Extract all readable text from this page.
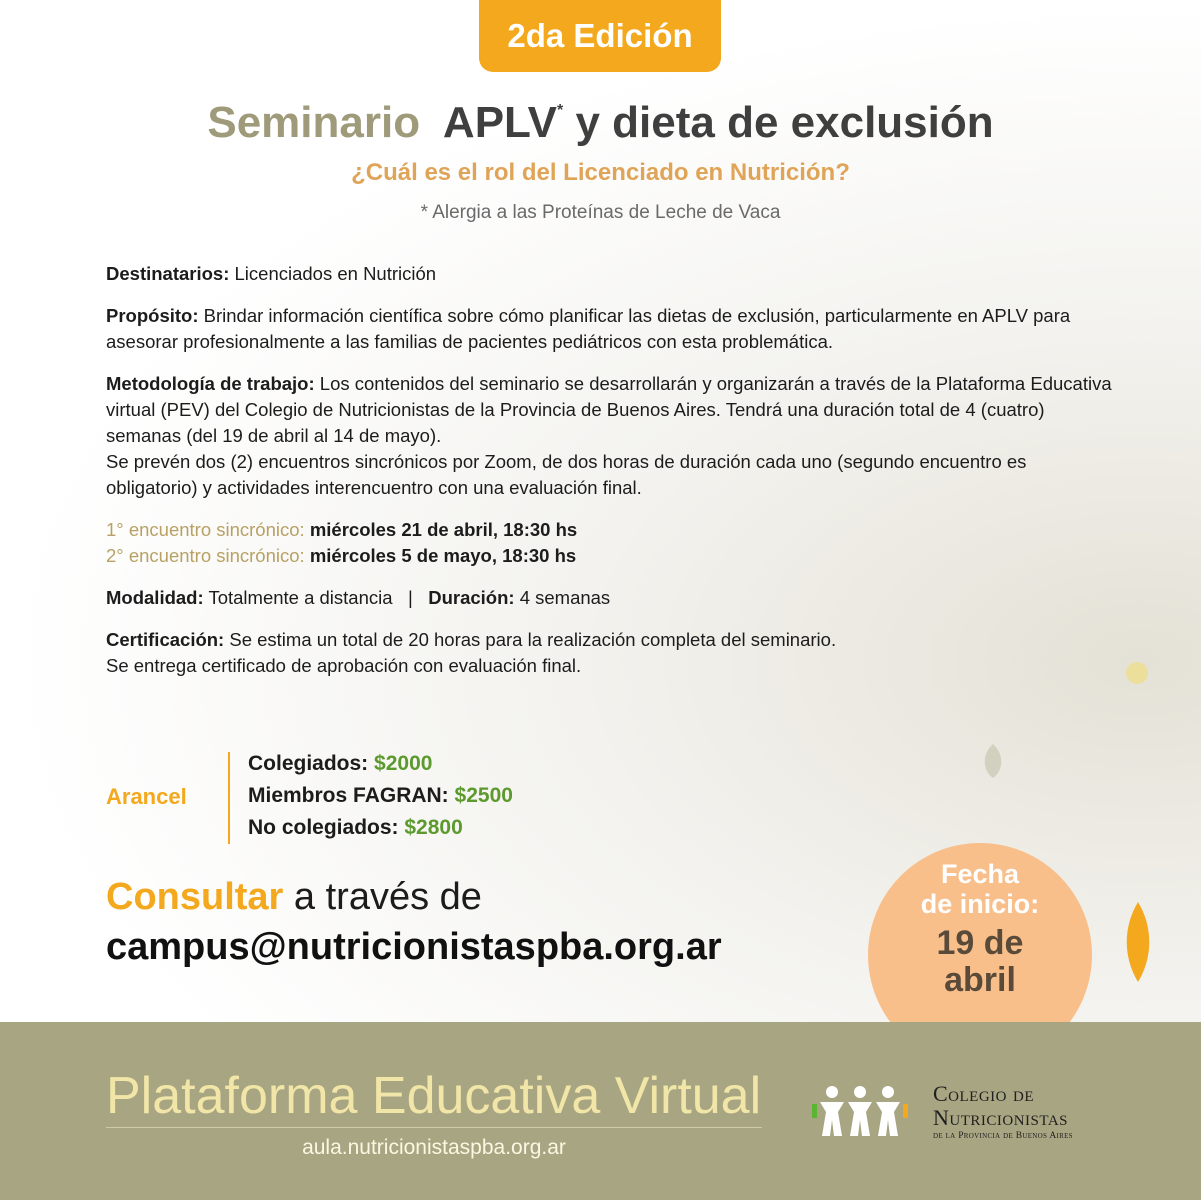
2da Edición
Seminario APLV* y dieta de exclusión
¿Cuál es el rol del Licenciado en Nutrición?
* Alergia a las Proteínas de Leche de Vaca

Destinatarios: Licenciados en Nutrición

Propósito: Brindar información científica sobre cómo planificar las dietas de exclusión, particularmente en APLV para asesorar profesionalmente a las familias de pacientes pediátricos con esta problemática.

Metodología de trabajo: Los contenidos del seminario se desarrollarán y organizarán a través de la Plataforma Educativa virtual (PEV) del Colegio de Nutricionistas de la Provincia de Buenos Aires. Tendrá una duración total de 4 (cuatro) semanas (del 19 de abril al 14 de mayo).
Se prevén dos (2) encuentros sincrónicos por Zoom, de dos horas de duración cada uno (segundo encuentro es obligatorio) y actividades interencuentro con una evaluación final.

1° encuentro sincrónico: miércoles 21 de abril, 18:30 hs
2° encuentro sincrónico: miércoles 5 de mayo, 18:30 hs

Modalidad: Totalmente a distancia | Duración: 4 semanas

Certificación: Se estima un total de 20 horas para la realización completa del seminario.
Se entrega certificado de aprobación con evaluación final.

Arancel
Colegiados: $2000
Miembros FAGRAN: $2500
No colegiados: $2800
Consultar a través de
campus@nutricionistaspba.org.ar
Fecha
de inicio:
19 de
abril
Plataforma Educativa Virtual
aula.nutricionistaspba.org.ar
Colegio de
Nutricionistas
de la Provincia de Buenos Aires
